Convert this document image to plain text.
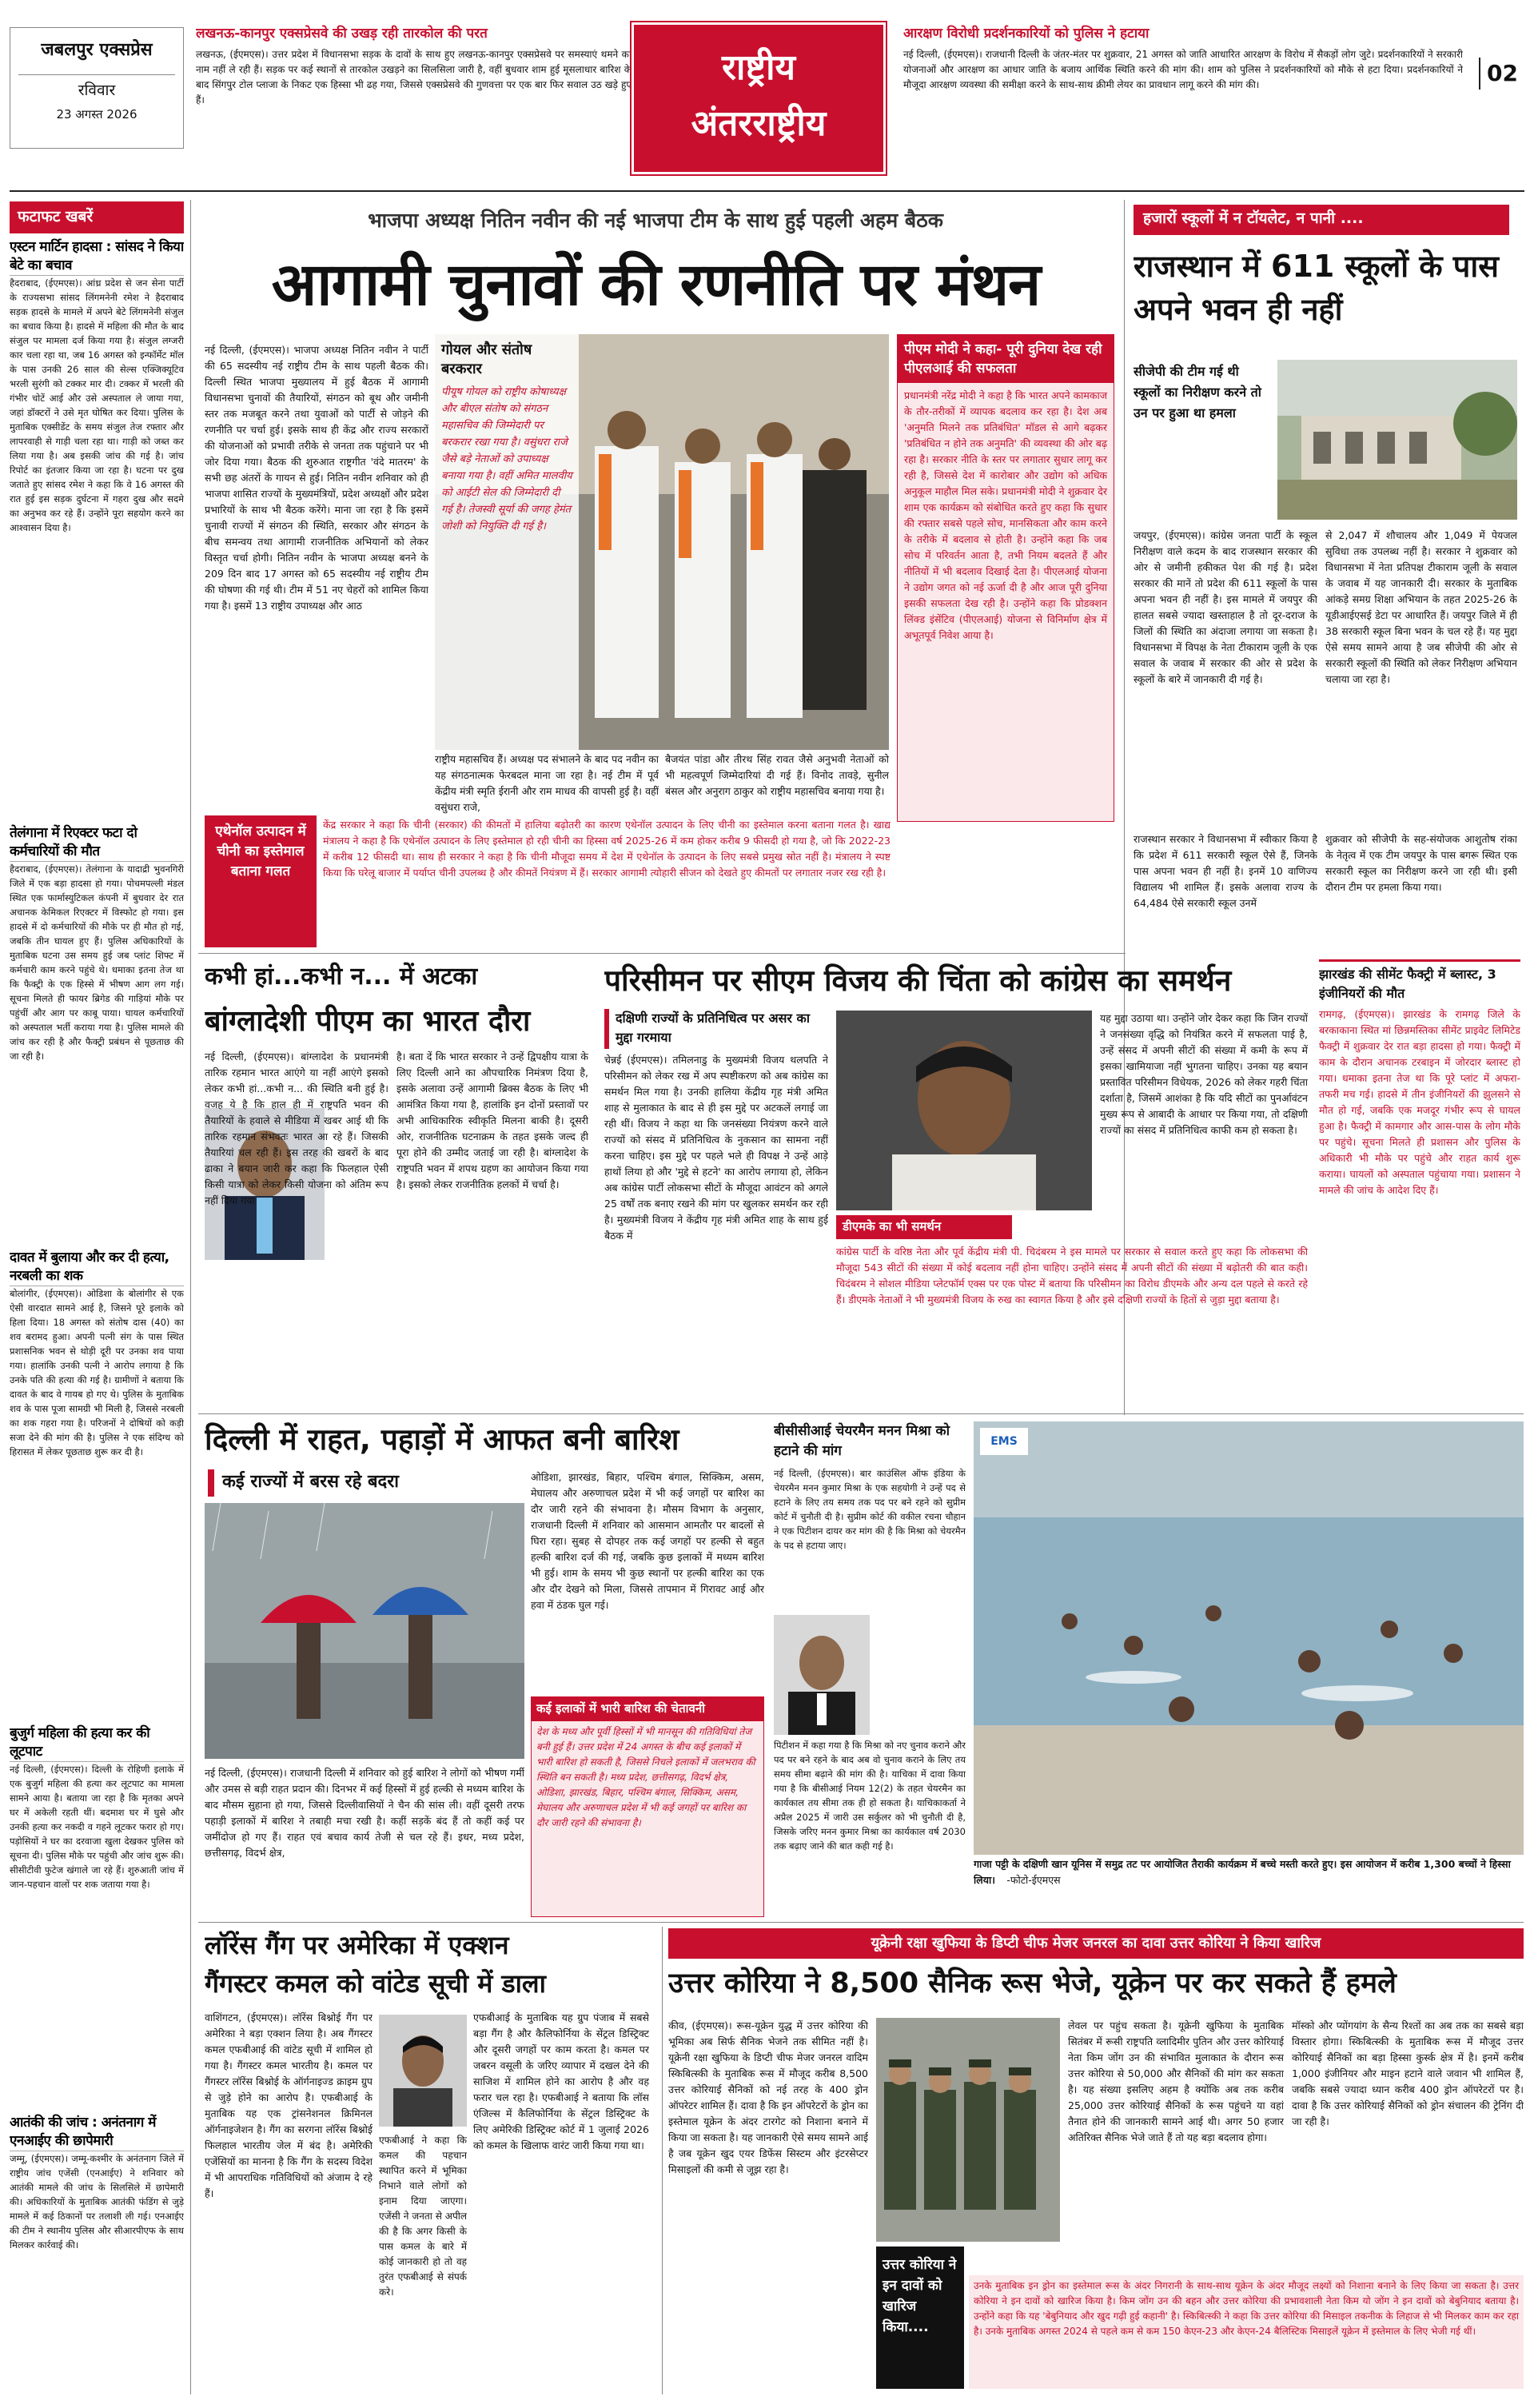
जबलपुर एक्सप्रेस
रविवार
23 अगस्त 2026
लखनऊ-कानपुर एक्सप्रेसवे की उखड़ रही तारकोल की परत
लखनऊ, (ईएमएस)। उत्तर प्रदेश में विधानसभा सड़क के दावों के साथ हुए लखनऊ-कानपुर एक्सप्रेसवे पर समस्याएं थमने का नाम नहीं ले रही हैं। सड़क पर कई स्थानों से तारकोल उखड़ने का सिलसिला जारी है, वहीं बुधवार शाम हुई मूसलाधार बारिश के बाद सिंगपुर टोल प्लाजा के निकट एक हिस्सा भी ढह गया, जिससे एक्सप्रेसवे की गुणवत्ता पर एक बार फिर सवाल उठ खड़े हुए हैं।
राष्ट्रीय
अंतरराष्ट्रीय
आरक्षण विरोधी प्रदर्शनकारियों को पुलिस ने हटाया
नई दिल्ली, (ईएमएस)। राजधानी दिल्ली के जंतर-मंतर पर शुक्रवार, 21 अगस्त को जाति आधारित आरक्षण के विरोध में सैकड़ों लोग जुटे। प्रदर्शनकारियों ने सरकारी योजनाओं और आरक्षण का आधार जाति के बजाय आर्थिक स्थिति करने की मांग की। शाम को पुलिस ने प्रदर्शनकारियों को मौके से हटा दिया। प्रदर्शनकारियों ने मौजूदा आरक्षण व्यवस्था की समीक्षा करने के साथ-साथ क्रीमी लेयर का प्रावधान लागू करने की मांग की।	02
फटाफट खबरें
एस्टन मार्टिन हादसा : सांसद ने किया बेटे का बचाव
हैदराबाद, (ईएमएस)। आंध्र प्रदेश से जन सेना पार्टी के राज्यसभा सांसद लिंगमनेनी रमेश ने हैदराबाद सड़क हादसे के मामले में अपने बेटे लिंगमनेनी संजुल का बचाव किया है। हादसे में महिला की मौत के बाद संजुल पर मामला दर्ज किया गया है। संजुल लग्जरी कार चला रहा था, जब 16 अगस्त को इन्फॉर्मेट मॉल के पास उनकी 26 साल की सेल्स एक्जिक्यूटिव भरली सुरंगी को टक्कर मार दी। टक्कर में भरली की गंभीर चोटें आई और उसे अस्पताल ले जाया गया, जहां डॉक्टरों ने उसे मृत घोषित कर दिया। पुलिस के मुताबिक एक्सीडेंट के समय संजुल तेज रफ्तार और लापरवाही से गाड़ी चला रहा था। गाड़ी को जब्त कर लिया गया है। अब इसकी जांच की गई है। जांच रिपोर्ट का इंतजार किया जा रहा है। घटना पर दुख जताते हुए सांसद रमेश ने कहा कि वे 16 अगस्त की रात हुई इस सड़क दुर्घटना में गहरा दुख और सदमे का अनुभव कर रहे हैं। उन्होंने पूरा सहयोग करने का आश्वासन दिया है।
तेलंगाना में रिएक्टर फटा दो कर्मचारियों की मौत
हैदराबाद, (ईएमएस)। तेलंगाना के यादाद्री भुवनगिरी जिले में एक बड़ा हादसा हो गया। पोचमपल्ली मंडल स्थित एक फार्मास्युटिकल कंपनी में बुधवार देर रात अचानक केमिकल रिएक्टर में विस्फोट हो गया। इस हादसे में दो कर्मचारियों की मौके पर ही मौत हो गई, जबकि तीन घायल हुए हैं। पुलिस अधिकारियों के मुताबिक घटना उस समय हुई जब प्लांट शिफ्ट में कर्मचारी काम करने पहुंचे थे। धमाका इतना तेज था कि फैक्ट्री के एक हिस्से में भीषण आग लग गई। सूचना मिलते ही फायर ब्रिगेड की गाड़ियां मौके पर पहुंचीं और आग पर काबू पाया। घायल कर्मचारियों को अस्पताल भर्ती कराया गया है। पुलिस मामले की जांच कर रही है और फैक्ट्री प्रबंधन से पूछताछ की जा रही है।
दावत में बुलाया और कर दी हत्या, नरबली का शक
बोलांगीर, (ईएमएस)। ओडिशा के बोलांगीर से एक ऐसी वारदात सामने आई है, जिसने पूरे इलाके को हिला दिया। 18 अगस्त को संतोष दास (40) का शव बरामद हुआ। अपनी पत्नी संग के पास स्थित प्रशासनिक भवन से थोड़ी दूरी पर उनका शव पाया गया। हालांकि उनकी पत्नी ने आरोप लगाया है कि उनके पति की हत्या की गई है। ग्रामीणों ने बताया कि दावत के बाद वे गायब हो गए थे। पुलिस के मुताबिक शव के पास पूजा सामग्री भी मिली है, जिससे नरबली का शक गहरा गया है। परिजनों ने दोषियों को कड़ी सजा देने की मांग की है। पुलिस ने एक संदिग्ध को हिरासत में लेकर पूछताछ शुरू कर दी है।
बुजुर्ग महिला की हत्या कर की लूटपाट
नई दिल्ली, (ईएमएस)। दिल्ली के रोहिणी इलाके में एक बुजुर्ग महिला की हत्या कर लूटपाट का मामला सामने आया है। बताया जा रहा है कि मृतका अपने घर में अकेली रहती थीं। बदमाश घर में घुसे और उनकी हत्या कर नकदी व गहने लूटकर फरार हो गए। पड़ोसियों ने घर का दरवाजा खुला देखकर पुलिस को सूचना दी। पुलिस मौके पर पहुंची और जांच शुरू की। सीसीटीवी फुटेज खंगाले जा रहे हैं। शुरुआती जांच में जान-पहचान वालों पर शक जताया गया है।
आतंकी की जांच : अनंतनाग में एनआईए की छापेमारी
जम्मू, (ईएमएस)। जम्मू-कश्मीर के अनंतनाग जिले में राष्ट्रीय जांच एजेंसी (एनआईए) ने शनिवार को आतंकी मामले की जांच के सिलसिले में छापेमारी की। अधिकारियों के मुताबिक आतंकी फंडिंग से जुड़े मामले में कई ठिकानों पर तलाशी ली गई। एनआईए की टीम ने स्थानीय पुलिस और सीआरपीएफ के साथ मिलकर कार्रवाई की।
भाजपा अध्यक्ष नितिन नवीन की नई भाजपा टीम के साथ हुई पहली अहम बैठक
आगामी चुनावों की रणनीति पर मंथन
नई दिल्ली, (ईएमएस)। भाजपा अध्यक्ष नितिन नवीन ने पार्टी की 65 सदस्यीय नई राष्ट्रीय टीम के साथ पहली बैठक की। दिल्ली स्थित भाजपा मुख्यालय में हुई बैठक में आगामी विधानसभा चुनावों की तैयारियों, संगठन को बूथ और जमीनी स्तर तक मजबूत करने तथा युवाओं को पार्टी से जोड़ने की रणनीति पर चर्चा हुई। इसके साथ ही केंद्र और राज्य सरकारों की योजनाओं को प्रभावी तरीके से जनता तक पहुंचाने पर भी जोर दिया गया। बैठक की शुरुआत राष्ट्रगीत 'वंदे मातरम' के सभी छह अंतरों के गायन से हुई। नितिन नवीन शनिवार को ही भाजपा शासित राज्यों के मुख्यमंत्रियों, प्रदेश अध्यक्षों और प्रदेश प्रभारियों के साथ भी बैठक करेंगे। माना जा रहा है कि इसमें चुनावी राज्यों में संगठन की स्थिति, सरकार और संगठन के बीच समन्वय तथा आगामी राजनीतिक अभियानों को लेकर विस्तृत चर्चा होगी। नितिन नवीन के भाजपा अध्यक्ष बनने के 209 दिन बाद 17 अगस्त को 65 सदस्यीय नई राष्ट्रीय टीम की घोषणा की गई थी। टीम में 51 नए चेहरों को शामिल किया गया है। इसमें 13 राष्ट्रीय उपाध्यक्ष और आठ
गोयल और संतोष बरकरार
पीयूष गोयल को राष्ट्रीय कोषाध्यक्ष और बीएल संतोष को संगठन महासचिव की जिम्मेदारी पर बरकरार रखा गया है। वसुंधरा राजे जैसे बड़े नेताओं को उपाध्यक्ष बनाया गया है। वहीं अमित मालवीय को आईटी सेल की जिम्मेदारी दी गई है। तेजस्वी सूर्या की जगह हेमंत जोशी को नियुक्ति दी गई है।
राष्ट्रीय महासचिव हैं। अध्यक्ष पद संभालने के बाद पद नवीन का यह संगठनात्मक फेरबदल माना जा रहा है। नई टीम में पूर्व केंद्रीय मंत्री स्मृति ईरानी और राम माधव की वापसी हुई है। वहीं वसुंधरा राजे,
बैजयंत पांडा और तीरथ सिंह रावत जैसे अनुभवी नेताओं को भी महत्वपूर्ण जिम्मेदारियां दी गई हैं। विनोद तावड़े, सुनील बंसल और अनुराग ठाकुर को राष्ट्रीय महासचिव बनाया गया है।
पीएम मोदी ने कहा- पूरी दुनिया देख रही पीएलआई की सफलता
प्रधानमंत्री नरेंद्र मोदी ने कहा है कि भारत अपने कामकाज के तौर-तरीकों में व्यापक बदलाव कर रहा है। देश अब 'अनुमति मिलने तक प्रतिबंधित' मॉडल से आगे बढ़कर 'प्रतिबंधित न होने तक अनुमति' की व्यवस्था की ओर बढ़ रहा है। सरकार नीति के स्तर पर लगातार सुधार लागू कर रही है, जिससे देश में कारोबार और उद्योग को अधिक अनुकूल माहौल मिल सके। प्रधानमंत्री मोदी ने शुक्रवार देर शाम एक कार्यक्रम को संबोधित करते हुए कहा कि सुधार की रफ्तार सबसे पहले सोच, मानसिकता और काम करने के तरीके में बदलाव से होती है। उन्होंने कहा कि जब सोच में परिवर्तन आता है, तभी नियम बदलते हैं और नीतियों में भी बदलाव दिखाई देता है। पीएलआई योजना ने उद्योग जगत को नई ऊर्जा दी है और आज पूरी दुनिया इसकी सफलता देख रही है। उन्होंने कहा कि प्रोडक्शन लिंक्ड इंसेंटिव (पीएलआई) योजना से विनिर्माण क्षेत्र में अभूतपूर्व निवेश आया है।
एथेनॉल उत्पादन में चीनी का इस्तेमाल बताना गलत
केंद्र सरकार ने कहा कि चीनी (सरकार) की कीमतों में हालिया बढ़ोतरी का कारण एथेनॉल उत्पादन के लिए चीनी का इस्तेमाल करना बताना गलत है। खाद्य मंत्रालय ने कहा है कि एथेनॉल उत्पादन के लिए इस्तेमाल हो रही चीनी का हिस्सा वर्ष 2025-26 में कम होकर करीब 9 फीसदी हो गया है, जो कि 2022-23 में करीब 12 फीसदी था। साथ ही सरकार ने कहा है कि चीनी मौजूदा समय में देश में एथेनॉल के उत्पादन के लिए सबसे प्रमुख स्रोत नहीं है। मंत्रालय ने स्पष्ट किया कि घरेलू बाजार में पर्याप्त चीनी उपलब्ध है और कीमतें नियंत्रण में हैं। सरकार आगामी त्योहारी सीजन को देखते हुए कीमतों पर लगातार नजर रख रही है।
हजारों स्कूलों में न टॉयलेट, न पानी ....
राजस्थान में 611 स्कूलों के पास अपने भवन ही नहीं
सीजेपी की टीम गई थी स्कूलों का निरीक्षण करने तो उन पर हुआ था हमला
जयपुर, (ईएमएस)। कांग्रेस जनता पार्टी के स्कूल निरीक्षण वाले कदम के बाद राजस्थान सरकार की ओर से जमीनी हकीकत पेश की गई है। प्रदेश सरकार की मानें तो प्रदेश की 611 स्कूलों के पास अपना भवन ही नहीं है। इस मामले में जयपुर की हालत सबसे ज्यादा खस्ताहाल है तो दूर-दराज के जिलों की स्थिति का अंदाजा लगाया जा सकता है। विधानसभा में विपक्ष के नेता टीकाराम जूली के एक सवाल के जवाब में सरकार की ओर से प्रदेश के स्कूलों के बारे में जानकारी दी गई है।
से 2,047 में शौचालय और 1,049 में पेयजल सुविधा तक उपलब्ध नहीं है। सरकार ने शुक्रवार को विधानसभा में नेता प्रतिपक्ष टीकाराम जूली के सवाल के जवाब में यह जानकारी दी। सरकार के मुताबिक आंकड़े समग्र शिक्षा अभियान के तहत 2025-26 के यूडीआईएसई डेटा पर आधारित हैं। जयपुर जिले में ही 38 सरकारी स्कूल बिना भवन के चल रहे हैं। यह मुद्दा ऐसे समय सामने आया है जब सीजेपी की ओर से सरकारी स्कूलों की स्थिति को लेकर निरीक्षण अभियान चलाया जा रहा है।
राजस्थान सरकार ने विधानसभा में स्वीकार किया है कि प्रदेश में 611 सरकारी स्कूल ऐसे हैं, जिनके पास अपना भवन ही नहीं है। इनमें 10 वाणिज्य विद्यालय भी शामिल हैं। इसके अलावा राज्य के 64,484 ऐसे सरकारी स्कूल उनमें
शुक्रवार को सीजेपी के सह-संयोजक आशुतोष रांका के नेतृत्व में एक टीम जयपुर के पास बगरू स्थित एक सरकारी स्कूल का निरीक्षण करने जा रही थी। इसी दौरान टीम पर हमला किया गया।
कभी हां...कभी न... में अटका
बांग्लादेशी पीएम का भारत दौरा
नई दिल्ली, (ईएमएस)। बांग्लादेश के प्रधानमंत्री तारिक रहमान भारत आएंगे या नहीं आएंगे इसको लेकर कभी हां...कभी न... की स्थिति बनी हुई है। वजह ये है कि हाल ही में राष्ट्रपति भवन की तैयारियों के हवाले से मीडिया में खबर आई थी कि तारिक रहमान संभवतः भारत आ रहे हैं। जिसकी तैयारियां चल रही हैं। इस तरह की खबरों के बाद ढाका ने बयान जारी कर कहा कि फिलहाल ऐसी किसी यात्रा को लेकर किसी योजना को अंतिम रूप नहीं दिया गया
है। बता दें कि भारत सरकार ने उन्हें द्विपक्षीय यात्रा के लिए दिल्ली आने का औपचारिक निमंत्रण दिया है, इसके अलावा उन्हें आगामी ब्रिक्स बैठक के लिए भी आमंत्रित किया गया है, हालांकि इन दोनों प्रस्तावों पर अभी आधिकारिक स्वीकृति मिलना बाकी है। दूसरी ओर, राजनीतिक घटनाक्रम के तहत इसके जल्द ही पूरा होने की उम्मीद जताई जा रही है। बांग्लादेश के राष्ट्रपति भवन में शपथ ग्रहण का आयोजन किया गया है। इसको लेकर राजनीतिक हलकों में चर्चा है।
परिसीमन पर सीएम विजय की चिंता को कांग्रेस का समर्थन
दक्षिणी राज्यों के प्रतिनिधित्व पर असर का मुद्दा गरमाया
चेन्नई (ईएमएस)। तमिलनाडु के मुख्यमंत्री विजय थलपति ने परिसीमन को लेकर रख में अप स्पष्टीकरण को अब कांग्रेस का समर्थन मिल गया है। उनकी हालिया केंद्रीय गृह मंत्री अमित शाह से मुलाकात के बाद से ही इस मुद्दे पर अटकलें लगाई जा रही थीं। विजय ने कहा था कि जनसंख्या नियंत्रण करने वाले राज्यों को संसद में प्रतिनिधित्व के नुकसान का सामना नहीं करना चाहिए। इस मुद्दे पर पहले भले ही विपक्ष ने उन्हें आड़े हाथों लिया हो और 'मुद्दे से हटने' का आरोप लगाया हो, लेकिन अब कांग्रेस पार्टी लोकसभा सीटों के मौजूदा आवंटन को अगले 25 वर्षों तक बनाए रखने की मांग पर खुलकर समर्थन कर रही है। मुख्यमंत्री विजय ने केंद्रीय गृह मंत्री अमित शाह के साथ हुई बैठक में
डीएमके का भी समर्थन
यह मुद्दा उठाया था। उन्होंने जोर देकर कहा कि जिन राज्यों ने जनसंख्या वृद्धि को नियंत्रित करने में सफलता पाई है, उन्हें संसद में अपनी सीटों की संख्या में कमी के रूप में इसका खामियाजा नहीं भुगतना चाहिए। उनका यह बयान प्रस्तावित परिसीमन विधेयक, 2026 को लेकर गहरी चिंता दर्शाता है, जिसमें आशंका है कि यदि सीटों का पुनर्आवंटन मुख्य रूप से आबादी के आधार पर किया गया, तो दक्षिणी राज्यों का संसद में प्रतिनिधित्व काफी कम हो सकता है।
कांग्रेस पार्टी के वरिष्ठ नेता और पूर्व केंद्रीय मंत्री पी. चिदंबरम ने इस मामले पर सरकार से सवाल करते हुए कहा कि लोकसभा की मौजूदा 543 सीटों की संख्या में कोई बदलाव नहीं होना चाहिए। उन्होंने संसद में अपनी सीटों की संख्या में बढ़ोतरी की बात कही। चिदंबरम ने सोशल मीडिया प्लेटफॉर्म एक्स पर एक पोस्ट में बताया कि परिसीमन का विरोध डीएमके और अन्य दल पहले से करते रहे हैं। डीएमके नेताओं ने भी मुख्यमंत्री विजय के रुख का स्वागत किया है और इसे दक्षिणी राज्यों के हितों से जुड़ा मुद्दा बताया है।
झारखंड की सीमेंट फैक्ट्री में ब्लास्ट, 3 इंजीनियरों की मौत
रामगढ़, (ईएमएस)। झारखंड के रामगढ़ जिले के बरकाकाना स्थित मां छिन्नमस्तिका सीमेंट प्राइवेट लिमिटेड फैक्ट्री में शुक्रवार देर रात बड़ा हादसा हो गया। फैक्ट्री में काम के दौरान अचानक टरबाइन में जोरदार ब्लास्ट हो गया। धमाका इतना तेज था कि पूरे प्लांट में अफरा-तफरी मच गई। हादसे में तीन इंजीनियरों की झुलसने से मौत हो गई, जबकि एक मजदूर गंभीर रूप से घायल हुआ है। फैक्ट्री में कामगार और आस-पास के लोग मौके पर पहुंचे। सूचना मिलते ही प्रशासन और पुलिस के अधिकारी भी मौके पर पहुंचे और राहत कार्य शुरू कराया। घायलों को अस्पताल पहुंचाया गया। प्रशासन ने मामले की जांच के आदेश दिए हैं।
दिल्ली में राहत, पहाड़ों में आफत बनी बारिश
कई राज्यों में बरस रहे बदरा
नई दिल्ली, (ईएमएस)। राजधानी दिल्ली में शनिवार को हुई बारिश ने लोगों को भीषण गर्मी और उमस से बड़ी राहत प्रदान की। दिनभर में कई हिस्सों में हुई हल्की से मध्यम बारिश के बाद मौसम सुहाना हो गया, जिससे दिल्लीवासियों ने चैन की सांस ली। वहीं दूसरी तरफ पहाड़ी इलाकों में बारिश ने तबाही मचा रखी है। कहीं सड़कें बंद हैं तो कहीं कई पर जमींदोज हो गए हैं। राहत एवं बचाव कार्य तेजी से चल रहे हैं। इधर, मध्य प्रदेश, छत्तीसगढ़, विदर्भ क्षेत्र,
ओडिशा, झारखंड, बिहार, पश्चिम बंगाल, सिक्किम, असम, मेघालय और अरुणाचल प्रदेश में भी कई जगहों पर बारिश का दौर जारी रहने की संभावना है। मौसम विभाग के अनुसार, राजधानी दिल्ली में शनिवार को आसमान आमतौर पर बादलों से घिरा रहा। सुबह से दोपहर तक कई जगहों पर हल्की से बहुत हल्की बारिश दर्ज की गई, जबकि कुछ इलाकों में मध्यम बारिश भी हुई। शाम के समय भी कुछ स्थानों पर हल्की बारिश का एक और दौर देखने को मिला, जिससे तापमान में गिरावट आई और हवा में ठंडक घुल गई।
कई इलाकों में भारी बारिश की चेतावनी
देश के मध्य और पूर्वी हिस्सों में भी मानसून की गतिविधियां तेज बनी हुई हैं। उत्तर प्रदेश में 24 अगस्त के बीच कई इलाकों में भारी बारिश हो सकती है, जिससे निचले इलाकों में जलभराव की स्थिति बन सकती है। मध्य प्रदेश, छत्तीसगढ़, विदर्भ क्षेत्र, ओडिशा, झारखंड, बिहार, पश्चिम बंगाल, सिक्किम, असम, मेघालय और अरुणाचल प्रदेश में भी कई जगहों पर बारिश का दौर जारी रहने की संभावना है।
बीसीसीआई चेयरमैन मनन मिश्रा को हटाने की मांग
नई दिल्ली, (ईएमएस)। बार काउंसिल ऑफ इंडिया के चेयरमैन मनन कुमार मिश्रा के एक सहयोगी ने उन्हें पद से हटाने के लिए तय समय तक पद पर बने रहने को सुप्रीम कोर्ट में चुनौती दी है। सुप्रीम कोर्ट की वकील रचना चौहान ने एक पिटीशन दायर कर मांग की है कि मिश्रा को चेयरमैन के पद से हटाया जाए।
पिटीशन में कहा गया है कि मिश्रा को नए चुनाव कराने और पद पर बने रहने के बाद अब वो चुनाव कराने के लिए तय समय सीमा बढ़ाने की मांग की है। याचिका में दावा किया गया है कि बीसीआई नियम 12(2) के तहत चेयरमैन का कार्यकाल तय सीमा तक ही हो सकता है। याचिकाकर्ता ने अप्रैल 2025 में जारी उस सर्कुलर को भी चुनौती दी है, जिसके जरिए मनन कुमार मिश्रा का कार्यकाल वर्ष 2030 तक बढ़ाए जाने की बात कही गई है।
EMS
गाजा पट्टी के दक्षिणी खान यूनिस में समुद्र तट पर आयोजित तैराकी कार्यक्रम में बच्चे मस्ती करते हुए। इस आयोजन में करीब 1,300 बच्चों ने हिस्सा लिया। -फोटो-ईएमएस
लॉरेंस गैंग पर अमेरिका में एक्शन
गैंगस्टर कमल को वांटेड सूची में डाला
वाशिंगटन, (ईएमएस)। लॉरेंस बिश्नोई गैंग पर अमेरिका ने बड़ा एक्शन लिया है। अब गैंगस्टर कमल एफबीआई की वांटेड सूची में शामिल हो गया है। गैंगस्टर कमल भारतीय है। कमल पर गैंगस्टर लॉरेंस बिश्नोई के ऑर्गनाइज्ड क्राइम ग्रुप से जुड़े होने का आरोप है। एफबीआई के मुताबिक यह एक ट्रांसनेशनल क्रिमिनल ऑर्गनाइजेशन है। गैंग का सरगना लॉरेंस बिश्नोई फिलहाल भारतीय जेल में बंद है। अमेरिकी एजेंसियों का मानना है कि गैंग के सदस्य विदेश में भी आपराधिक गतिविधियों को अंजाम दे रहे हैं।
एफबीआई के मुताबिक यह ग्रुप पंजाब में सबसे बड़ा गैंग है और कैलिफोर्निया के सेंट्रल डिस्ट्रिक्ट और दूसरी जगहों पर काम करता है। कमल पर जबरन वसूली के जरिए व्यापार में दखल देने की साजिश में शामिल होने का आरोप है और वह फरार चल रहा है। एफबीआई ने बताया कि लॉस एंजिल्स में कैलिफोर्निया के सेंट्रल डिस्ट्रिक्ट के लिए अमेरिकी डिस्ट्रिक्ट कोर्ट में 1 जुलाई 2026 को कमल के खिलाफ वारंट जारी किया गया था।
एफबीआई ने कहा कि कमल की पहचान स्थापित करने में भूमिका निभाने वाले लोगों को इनाम दिया जाएगा। एजेंसी ने जनता से अपील की है कि अगर किसी के पास कमल के बारे में कोई जानकारी हो तो वह तुरंत एफबीआई से संपर्क करे।
यूक्रेनी रक्षा खुफिया के डिप्टी चीफ मेजर जनरल का दावा उत्तर कोरिया ने किया खारिज
उत्तर कोरिया ने 8,500 सैनिक रूस भेजे, यूक्रेन पर कर सकते हैं हमले
कीव, (ईएमएस)। रूस-यूक्रेन युद्ध में उत्तर कोरिया की भूमिका अब सिर्फ सैनिक भेजने तक सीमित नहीं है। यूक्रेनी रक्षा खुफिया के डिप्टी चीफ मेजर जनरल वादिम स्किबित्स्की के मुताबिक रूस में मौजूद करीब 8,500 उत्तर कोरियाई सैनिकों को नई तरह के 400 ड्रोन ऑपरेटर शामिल हैं। दावा है कि इन ऑपरेटरों के ड्रोन का इस्तेमाल यूक्रेन के अंदर टारगेट को निशाना बनाने में किया जा सकता है। यह जानकारी ऐसे समय सामने आई है जब यूक्रेन खुद एयर डिफेंस सिस्टम और इंटरसेप्टर मिसाइलों की कमी से जूझ रहा है।
लेवल पर पहुंच सकता है। यूक्रेनी खुफिया के मुताबिक सितंबर में रूसी राष्ट्रपति व्लादिमीर पुतिन और उत्तर कोरियाई नेता किम जोंग उन की संभावित मुलाकात के दौरान रूस उत्तर कोरिया से 50,000 और सैनिकों की मांग कर सकता है। यह संख्या इसलिए अहम है क्योंकि अब तक करीब 25,000 उत्तर कोरियाई सैनिकों के रूस पहुंचने या वहां तैनात होने की जानकारी सामने आई थी। अगर 50 हजार अतिरिक्त सैनिक भेजे जाते हैं तो यह बड़ा बदलाव होगा।
मॉस्को और प्योंगयांग के सैन्य रिश्तों का अब तक का सबसे बड़ा विस्तार होगा। स्किबित्स्की के मुताबिक रूस में मौजूद उत्तर कोरियाई सैनिकों का बड़ा हिस्सा कुर्स्क क्षेत्र में है। इनमें करीब 1,000 इंजीनियर और माइन हटाने वाले जवान भी शामिल हैं, जबकि सबसे ज्यादा ध्यान करीब 400 ड्रोन ऑपरेटरों पर है। दावा है कि उत्तर कोरियाई सैनिकों को ड्रोन संचालन की ट्रेनिंग दी जा रही है।
उत्तर कोरिया ने इन दावों को खारिज किया....
उनके मुताबिक इन ड्रोन का इस्तेमाल रूस के अंदर निगरानी के साथ-साथ यूक्रेन के अंदर मौजूद लक्ष्यों को निशाना बनाने के लिए किया जा सकता है। उत्तर कोरिया ने इन दावों को खारिज किया है। किम जोंग उन की बहन और उत्तर कोरिया की प्रभावशाली नेता किम यो जोंग ने इन दावों को बेबुनियाद बताया है। उन्होंने कहा कि यह 'बेबुनियाद और खुद गढ़ी हुई कहानी' है। स्किबित्स्की ने कहा कि उत्तर कोरिया की मिसाइल तकनीक के लिहाज से भी मिलकर काम कर रहा है। उनके मुताबिक अगस्त 2024 से पहले कम से कम 150 केएन-23 और केएन-24 बैलिस्टिक मिसाइलें यूक्रेन में इस्तेमाल के लिए भेजी गई थीं।
